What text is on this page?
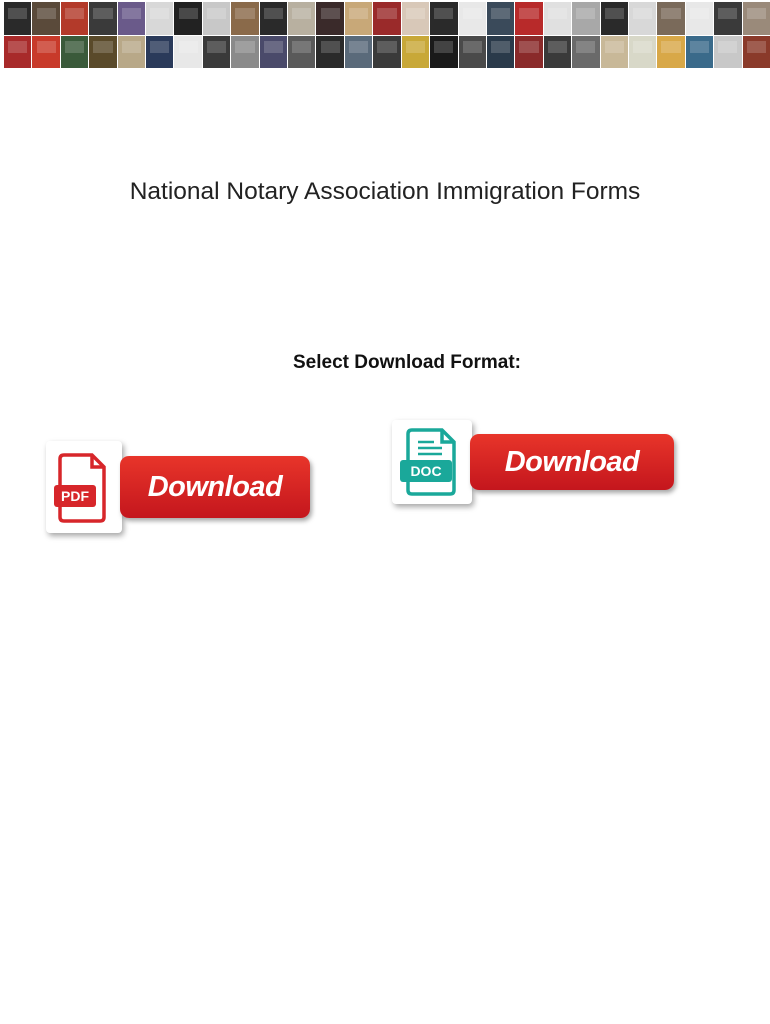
National Notary Association Immigration Forms
Select Download Format:
PDF	Download	DOC	Download
